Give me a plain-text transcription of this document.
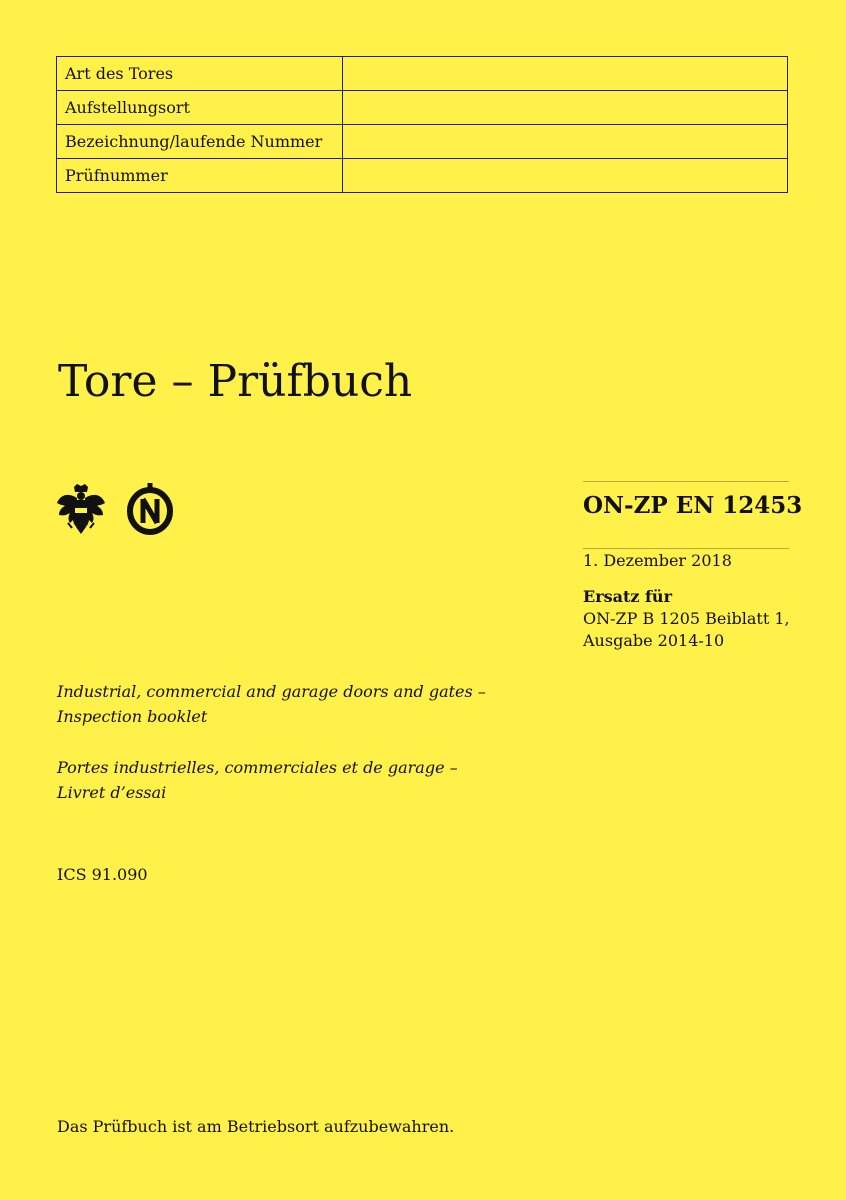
Art des Tores	
Aufstellungsort	
Bezeichnung/laufende Nummer	
Prüfnummer	
Tore – Prüfbuch
ON-ZP EN 12453
1. Dezember 2018
Ersatz für
ON-ZP B 1205 Beiblatt 1,
Ausgabe 2014-10

Industrial, commercial and garage doors and gates –
Inspection booklet

Portes industrielles, commerciales et de garage –
Livret d’essai

ICS 91.090
Das Prüfbuch ist am Betriebsort aufzubewahren.
